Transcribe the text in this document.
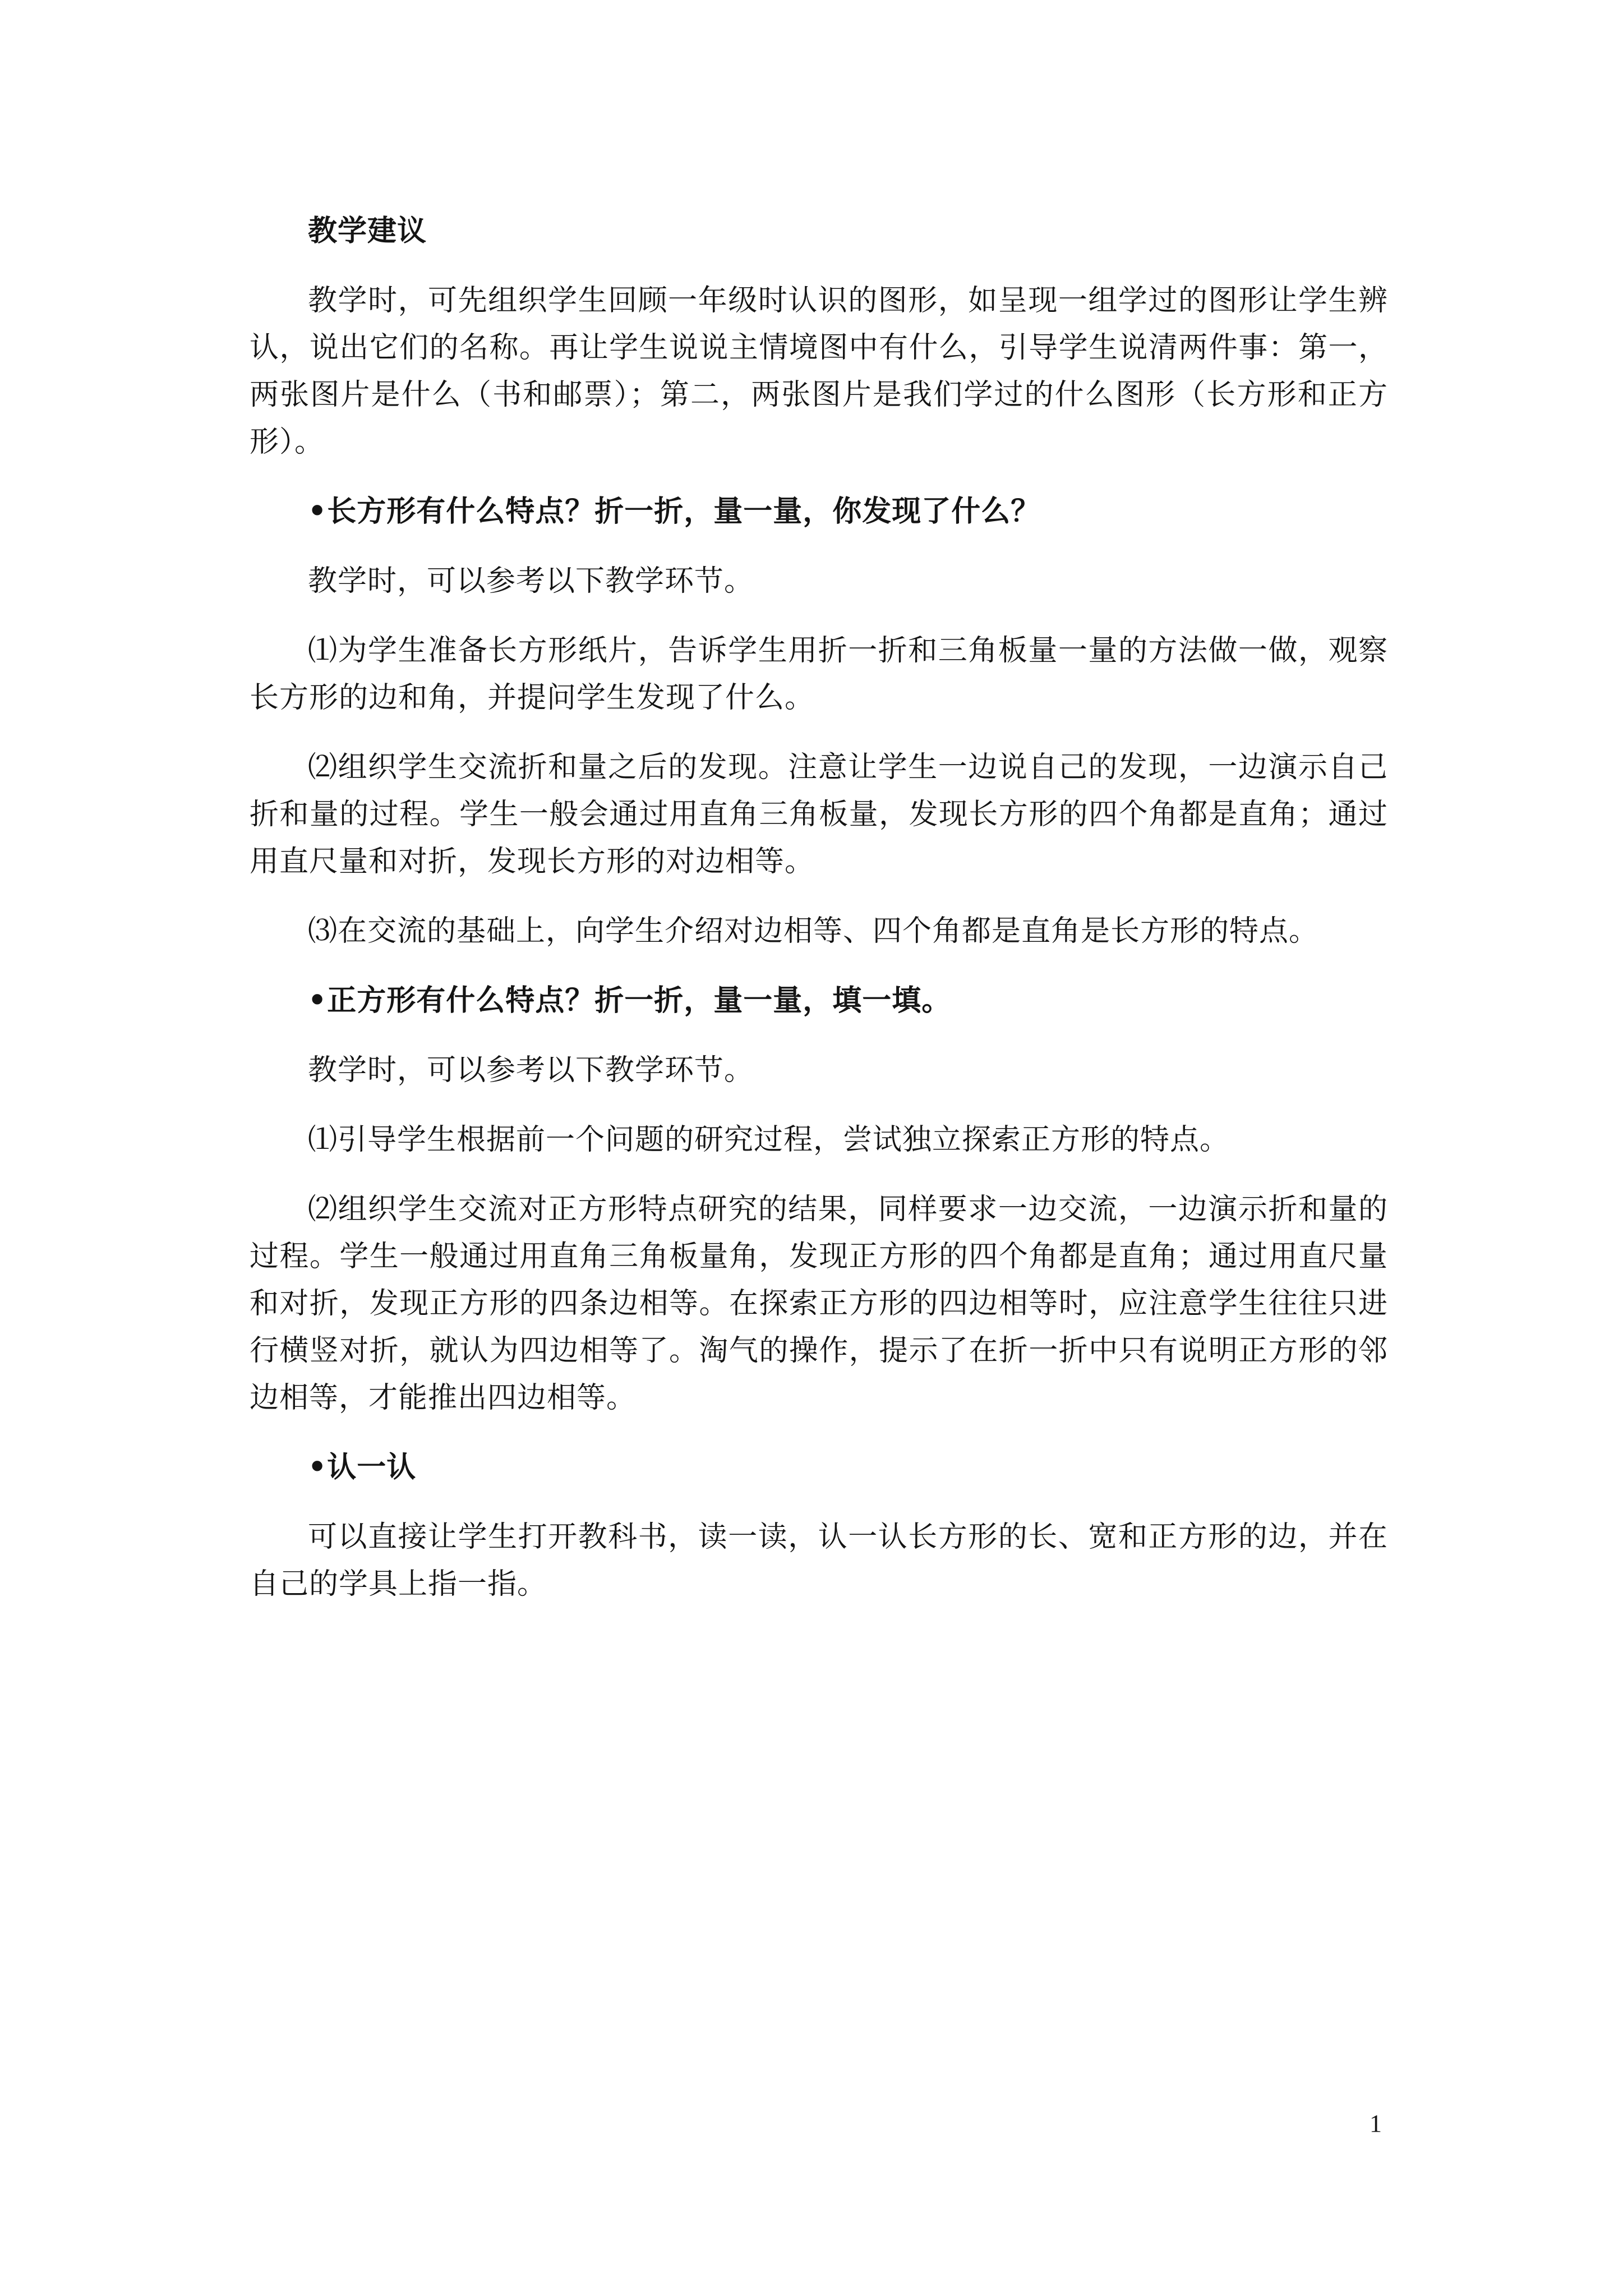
教学建议

教学时，可先组织学生回顾一年级时认识的图形，如呈现一组学过的图形让学生辨认，说出它们的名称。再让学生说说主情境图中有什么，引导学生说清两件事：第一，两张图片是什么（书和邮票）；第二，两张图片是我们学过的什么图形（长方形和正方形）。

•长方形有什么特点？折一折，量一量，你发现了什么？

教学时，可以参考以下教学环节。

⑴为学生准备长方形纸片，告诉学生用折一折和三角板量一量的方法做一做，观察长方形的边和角，并提问学生发现了什么。

⑵组织学生交流折和量之后的发现。注意让学生一边说自己的发现，一边演示自己折和量的过程。学生一般会通过用直角三角板量，发现长方形的四个角都是直角；通过用直尺量和对折，发现长方形的对边相等。

⑶在交流的基础上，向学生介绍对边相等、四个角都是直角是长方形的特点。

•正方形有什么特点？折一折，量一量，填一填。

教学时，可以参考以下教学环节。

⑴引导学生根据前一个问题的研究过程，尝试独立探索正方形的特点。

⑵组织学生交流对正方形特点研究的结果，同样要求一边交流，一边演示折和量的过程。学生一般通过用直角三角板量角，发现正方形的四个角都是直角；通过用直尺量和对折，发现正方形的四条边相等。在探索正方形的四边相等时，应注意学生往往只进行横竖对折，就认为四边相等了。淘气的操作，提示了在折一折中只有说明正方形的邻边相等，才能推出四边相等。

•认一认

可以直接让学生打开教科书，读一读，认一认长方形的长、宽和正方形的边，并在自己的学具上指一指。

1
